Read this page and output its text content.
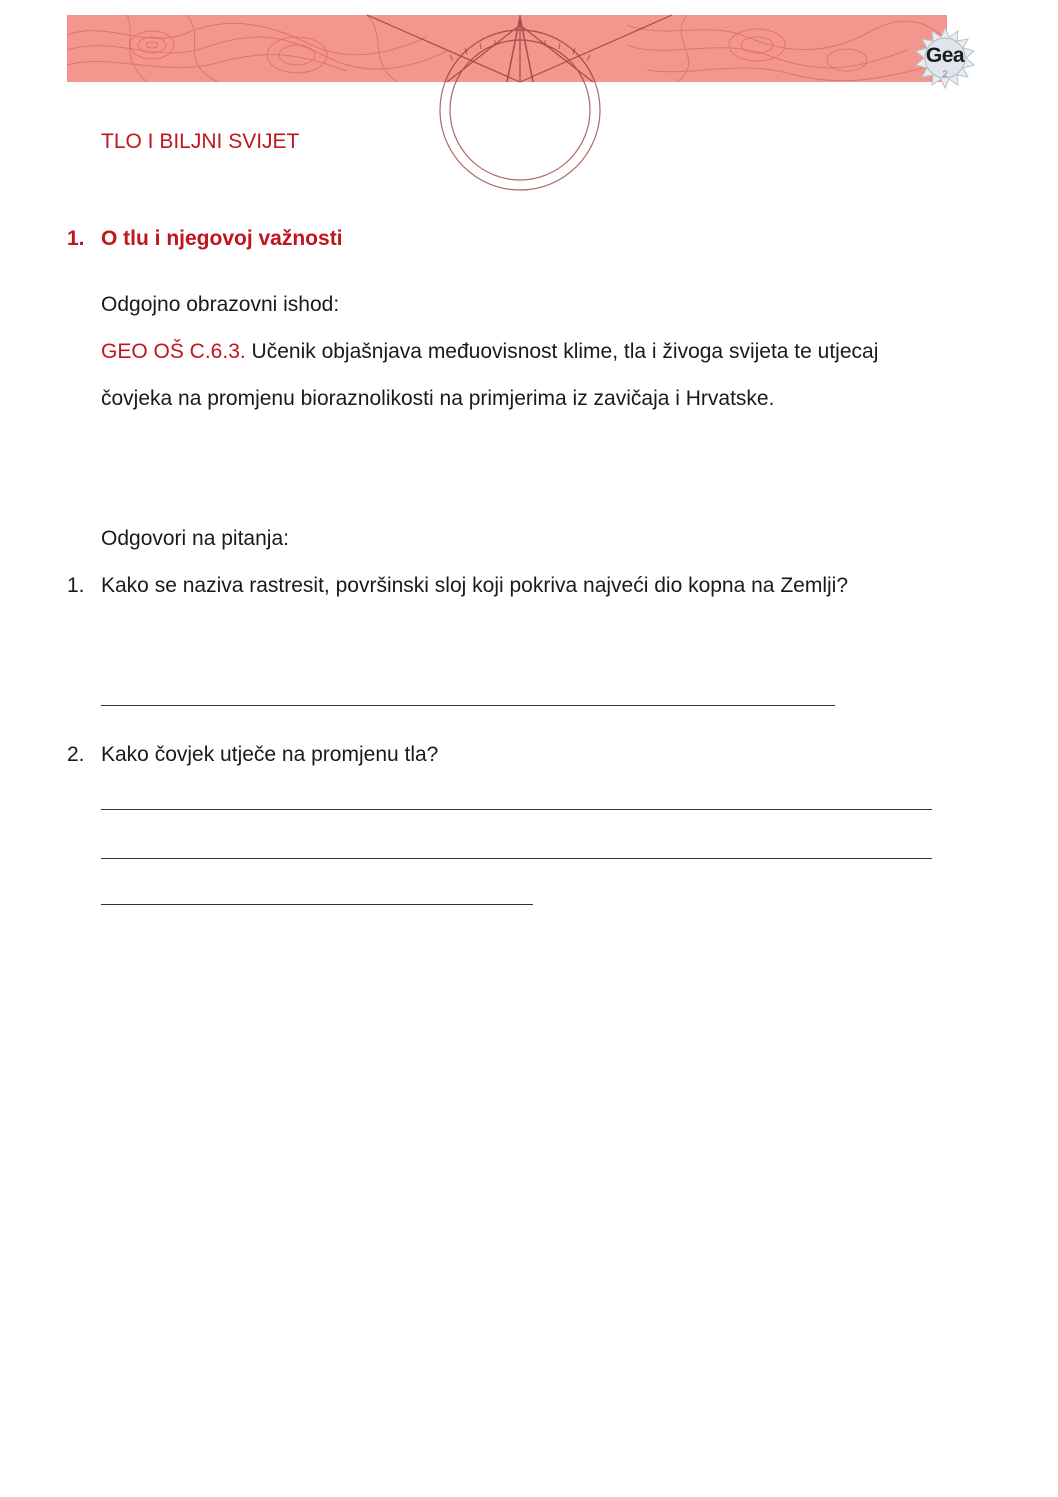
Gea
2
TLO I BILJNI SVIJET
1. O tlu i njegovoj važnosti
Odgojno obrazovni ishod:
GEO OŠ C.6.3. Učenik objašnjava međuovisnost klime, tla i živoga svijeta te utjecaj čovjeka na promjenu bioraznolikosti na primjerima iz zavičaja i Hrvatske.
Odgovori na pitanja:
1. Kako se naziva rastresit, površinski sloj koji pokriva najveći dio kopna na Zemlji?
2. Kako čovjek utječe na promjenu tla?
